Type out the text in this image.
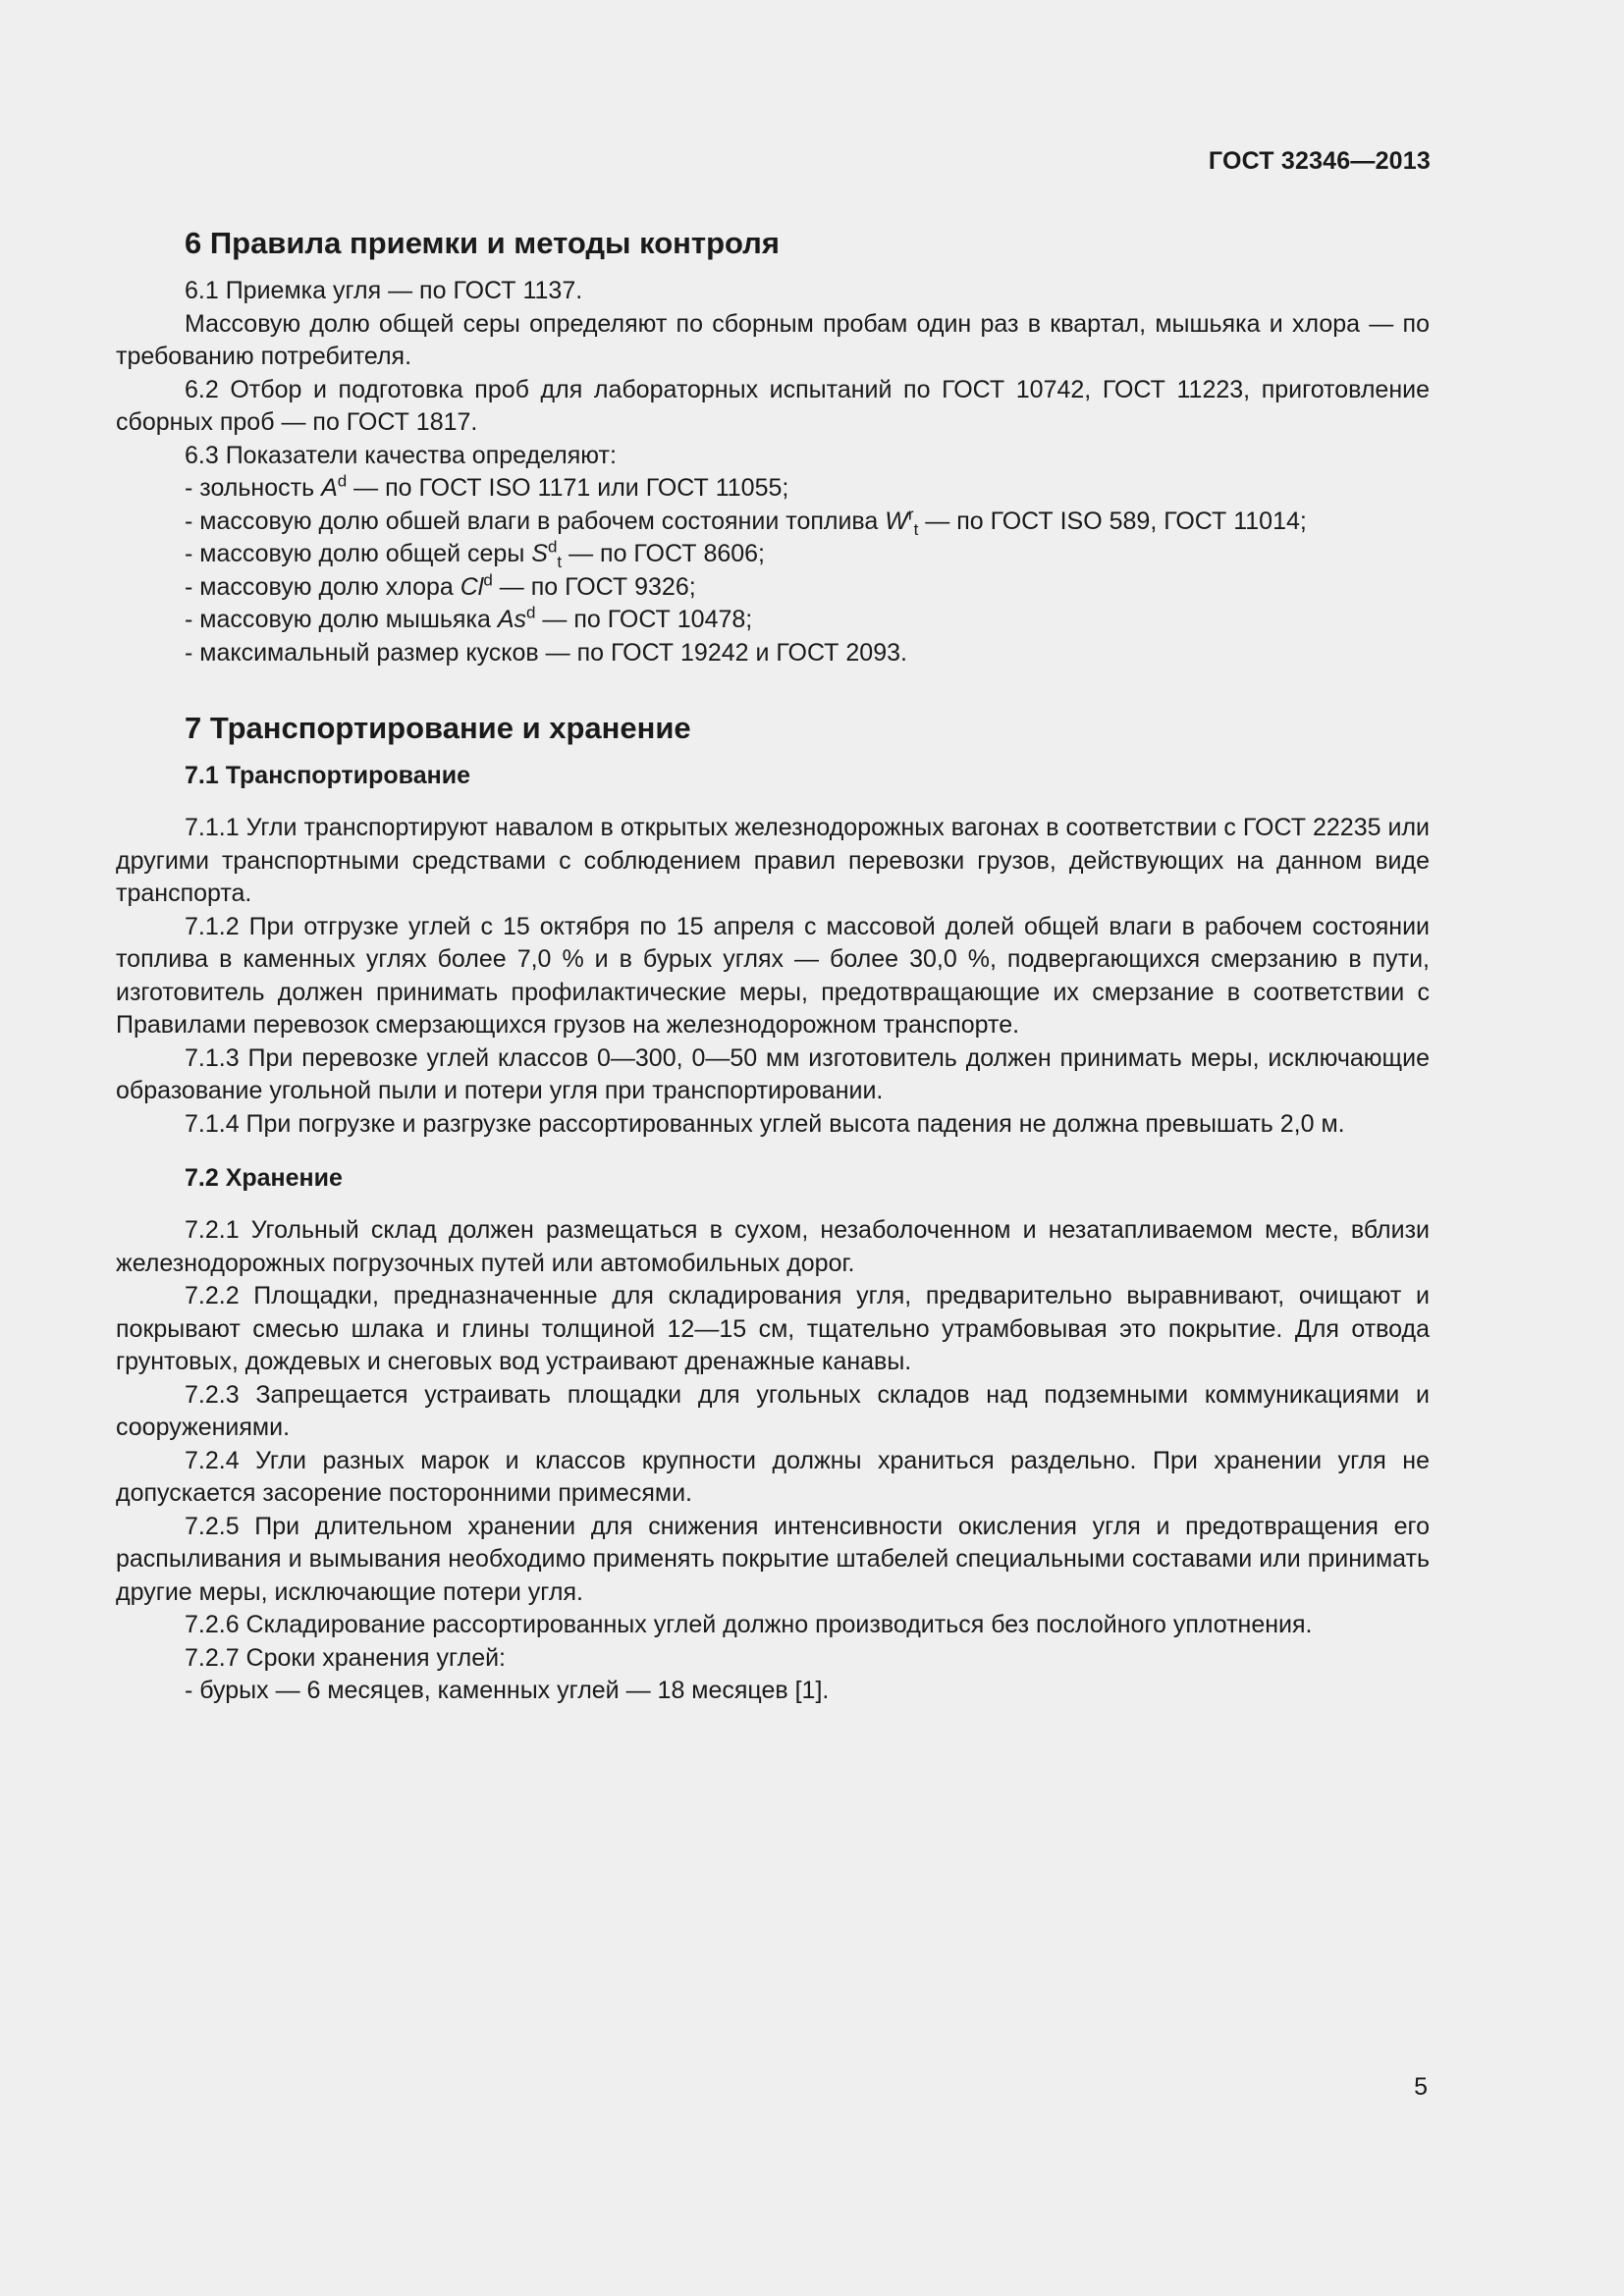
ГОСТ 32346—2013
6 Правила приемки и методы контроля

6.1 Приемка угля — по ГОСТ 1137.

Массовую долю общей серы определяют по сборным пробам один раз в квартал, мышьяка и хлора — по требованию потребителя.

6.2 Отбор и подготовка проб для лабораторных испытаний по ГОСТ 10742, ГОСТ 11223, приготовление сборных проб — по ГОСТ 1817.

6.3 Показатели качества определяют:

- зольность $A^d$ — по ГОСТ ISO 1171 или ГОСТ 11055;

- массовую долю обшей влаги в рабочем состоянии топлива $W^r_t$ — по ГОСТ ISO 589, ГОСТ 11014;

- массовую долю общей серы $S^d_t$ — по ГОСТ 8606;

- массовую долю хлора Cl$^d$ — по ГОСТ 9326;

- массовую долю мышьяка As$^d$ — по ГОСТ 10478;

- максимальный размер кусков — по ГОСТ 19242 и ГОСТ 2093.

7 Транспортирование и хранение
7.1 Транспортирование

7.1.1 Угли транспортируют навалом в открытых железнодорожных вагонах в соответствии с ГОСТ 22235 или другими транспортными средствами с соблюдением правил перевозки грузов, действующих на данном виде транспорта.

7.1.2 При отгрузке углей с 15 октября по 15 апреля с массовой долей общей влаги в рабочем состоянии топлива в каменных углях более 7,0 % и в бурых углях — более 30,0 %, подвергающихся смерзанию в пути, изготовитель должен принимать профилактические меры, предотвращающие их смерзание в соответствии с Правилами перевозок смерзающихся грузов на железнодорожном транспорте.

7.1.3 При перевозке углей классов 0—300, 0—50 мм изготовитель должен принимать меры, исключающие образование угольной пыли и потери угля при транспортировании.

7.1.4 При погрузке и разгрузке рассортированных углей высота падения не должна превышать 2,0 м.

7.2 Хранение

7.2.1 Угольный склад должен размещаться в сухом, незаболоченном и незатапливаемом месте, вблизи железнодорожных погрузочных путей или автомобильных дорог.

7.2.2 Площадки, предназначенные для складирования угля, предварительно выравнивают, очищают и покрывают смесью шлака и глины толщиной 12—15 см, тщательно утрамбовывая это покрытие. Для отвода грунтовых, дождевых и снеговых вод устраивают дренажные канавы.

7.2.3 Запрещается устраивать площадки для угольных складов над подземными коммуникациями и сооружениями.

7.2.4 Угли разных марок и классов крупности должны храниться раздельно. При хранении угля не допускается засорение посторонними примесями.

7.2.5 При длительном хранении для снижения интенсивности окисления угля и предотвращения его распыливания и вымывания необходимо применять покрытие штабелей специальными составами или принимать другие меры, исключающие потери угля.

7.2.6 Складирование рассортированных углей должно производиться без послойного уплотнения.

7.2.7 Сроки хранения углей:

- бурых — 6 месяцев, каменных углей — 18 месяцев [1].

5
